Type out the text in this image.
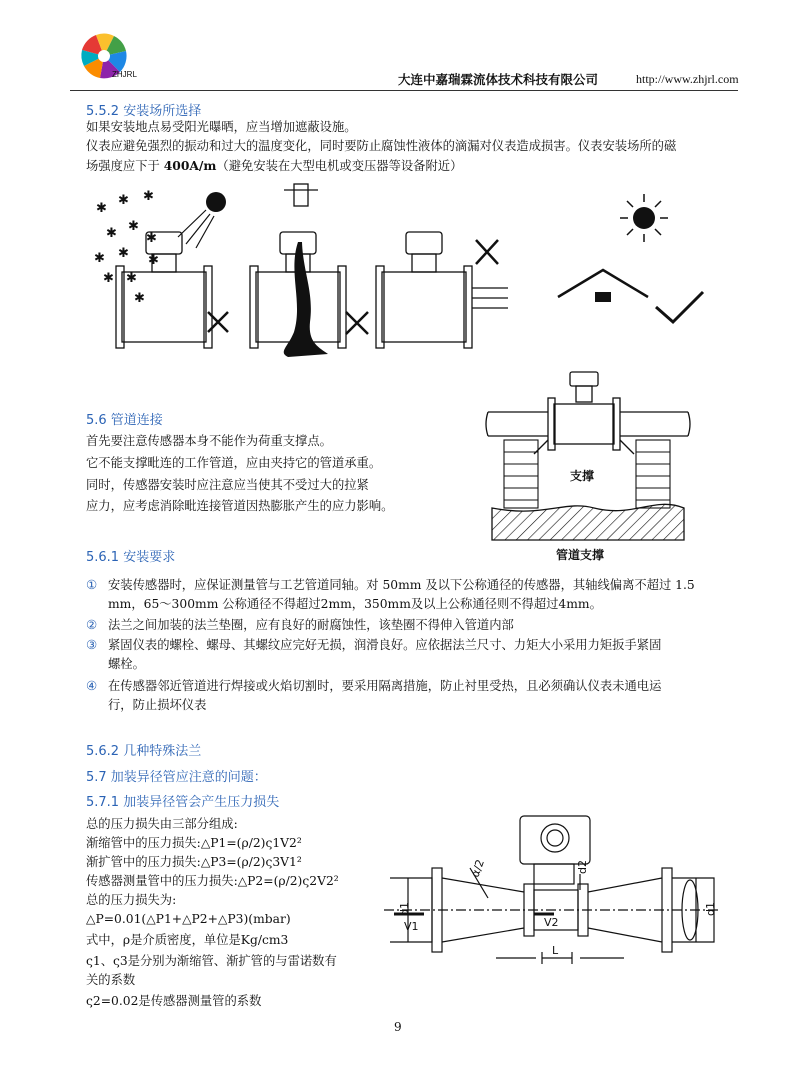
ZHJRL	大连中嘉瑞霖流体技术科技有限公司	http://www.zhjrl.com
5.5.2 安装场所选择
如果安装地点易受阳光曝晒，应当增加遮蔽设施。
仪表应避免强烈的振动和过大的温度变化，同时要防止腐蚀性液体的滴漏对仪表造成损害。仪表安装场所的磁
场强度应下于 400A/m（避免安装在大型电机或变压器等设备附近）
✱
✱ ✱
✱ ✱
✱ ✱
✱ ✱
✱
✱
✱
5.6 管道连接
首先要注意传感器本身不能作为荷重支撑点。
它不能支撑毗连的工作管道，应由夹持它的管道承重。
同时，传感器安装时应注意应当使其不受过大的拉紧
应力，应考虑消除毗连接管道因热膨胀产生的应力影响。
支撑
管道支撑
5.6.1 安装要求
① 安装传感器时，应保证测量管与工艺管道同轴。对 50mm 及以下公称通径的传感器，其轴线偏离不超过 1.5
mm，65～300mm 公称通径不得超过2mm，350mm及以上公称通径则不得超过4mm。
② 法兰之间加装的法兰垫圈，应有良好的耐腐蚀性，该垫圈不得伸入管道内部
③ 紧固仪表的螺栓、螺母、其螺纹应完好无损，润滑良好。应依据法兰尺寸、力矩大小采用力矩扳手紧固
螺栓。
④ 在传感器邻近管道进行焊接或火焰切割时，要采用隔离措施，防止衬里受热，且必须确认仪表未通电运
行，防止损坏仪表
5.6.2 几种特殊法兰
5.7 加装异径管应注意的问题：
5.7.1 加装异径管会产生压力损失
总的压力损失由三部分组成:
渐缩管中的压力损失:△P1=(ρ/2)ς1V2²
渐扩管中的压力损失:△P3=(ρ/2)ς3V1²
传感器测量管中的压力损失:△P2=(ρ/2)ς2V2²
总的压力损失为:
△P=0.01(△P1+△P2+△P3)(mbar)
式中，ρ是介质密度，单位是Kg/cm3
ς1、ς3是分别为渐缩管、渐扩管的与雷诺数有
关的系数
ς2=0.02是传感器测量管的系数
α/2
d1	d1
d2
V1	V2
L
9
